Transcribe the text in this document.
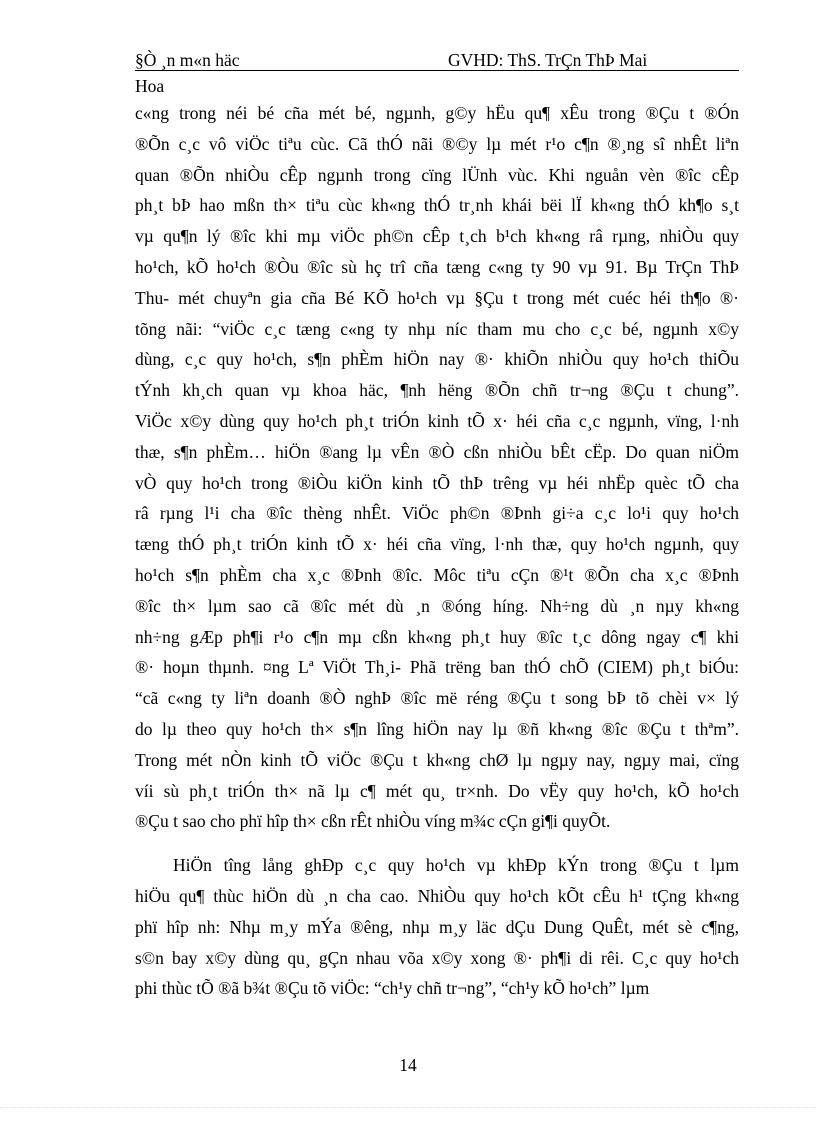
§Ò ¸n m«n häc	GVHD: ThS. TrÇn ThÞ Mai
Hoa
c«ng trong néi bé cña mét bé, ngµnh, g©y hËu qu¶ xÊu trong ®Çu t ®Ón
®Õn c¸c vô viÖc tiªu cùc. Cã thÓ nãi ®©y lµ mét r¹o c¶n ®¸ng sî nhÊt liªn
quan ®Õn nhiÒu cÊp ngµnh trong cïng lÜnh vùc. Khi nguån vèn ®îc cÊp
ph¸t bÞ hao mßn th× tiªu cùc kh«ng thÓ tr¸nh khái bëi lÏ kh«ng thÓ kh¶o s¸t
vµ qu¶n lý ®îc khi mµ viÖc ph©n cÊp t¸ch b¹ch kh«ng râ rµng, nhiÒu quy
ho¹ch, kÕ ho¹ch ®Òu ®îc sù hç trî cña tæng c«ng ty 90 vµ 91. Bµ TrÇn ThÞ
Thu- mét chuyªn gia cña Bé KÕ ho¹ch vµ §Çu t trong mét cuéc héi th¶o ®·
tõng nãi: “viÖc c¸c tæng c«ng ty nhµ níc tham mu cho c¸c bé, ngµnh x©y
dùng, c¸c quy ho¹ch, s¶n phÈm hiÖn nay ®· khiÕn nhiÒu quy ho¹ch thiÕu
tÝnh kh¸ch quan vµ khoa häc, ¶nh hëng ®Õn chñ tr¬ng ®Çu t chung”.
ViÖc x©y dùng quy ho¹ch ph¸t triÓn kinh tÕ x· héi cña c¸c ngµnh, vïng, l·nh
thæ, s¶n phÈm… hiÖn ®ang lµ vÊn ®Ò cßn nhiÒu bÊt cËp. Do quan niÖm
vÒ quy ho¹ch trong ®iÒu kiÖn kinh tÕ thÞ trêng vµ héi nhËp quèc tÕ cha
râ rµng l¹i cha ®îc thèng nhÊt. ViÖc ph©n ®Þnh gi÷a c¸c lo¹i quy ho¹ch
tæng thÓ ph¸t triÓn kinh tÕ x· héi cña vïng, l·nh thæ, quy ho¹ch ngµnh, quy
ho¹ch s¶n phÈm cha x¸c ®Þnh ®îc. Môc tiªu cÇn ®¹t ®Õn cha x¸c ®Þnh
®îc th× lµm sao cã ®îc mét dù ¸n ®óng híng. Nh÷ng dù ¸n nµy kh«ng
nh÷ng gÆp ph¶i r¹o c¶n mµ cßn kh«ng ph¸t huy ®îc t¸c dông ngay c¶ khi
®· hoµn thµnh. ¤ng Lª ViÖt Th¸i- Phã trëng ban thÓ chÕ (CIEM) ph¸t biÓu:
“cã c«ng ty liªn doanh ®Ò nghÞ ®îc më réng ®Çu t song bÞ tõ chèi v× lý
do lµ theo quy ho¹ch th× s¶n lîng hiÖn nay lµ ®ñ kh«ng ®îc ®Çu t thªm”.
Trong mét nÒn kinh tÕ viÖc ®Çu t kh«ng chØ lµ ngµy nay, ngµy mai, cïng
víi sù ph¸t triÓn th× nã lµ c¶ mét qu¸ tr×nh. Do vËy quy ho¹ch, kÕ ho¹ch
®Çu t sao cho phï hîp th× cßn rÊt nhiÒu víng m¾c cÇn gi¶i quyÕt.
HiÖn tîng lång ghÐp c¸c quy ho¹ch vµ khÐp kÝn trong ®Çu t lµm
hiÖu qu¶ thùc hiÖn dù ¸n cha cao. NhiÒu quy ho¹ch kÕt cÊu h¹ tÇng kh«ng
phï hîp nh: Nhµ m¸y mÝa ®êng, nhµ m¸y läc dÇu Dung QuÊt, mét sè c¶ng,
s©n bay x©y dùng qu¸ gÇn nhau võa x©y xong ®· ph¶i di rêi. C¸c quy ho¹ch
phi thùc tÕ ®ã b¾t ®Çu tõ viÖc: “ch¹y chñ tr¬ng”, “ch¹y kÕ ho¹ch” lµm
14
